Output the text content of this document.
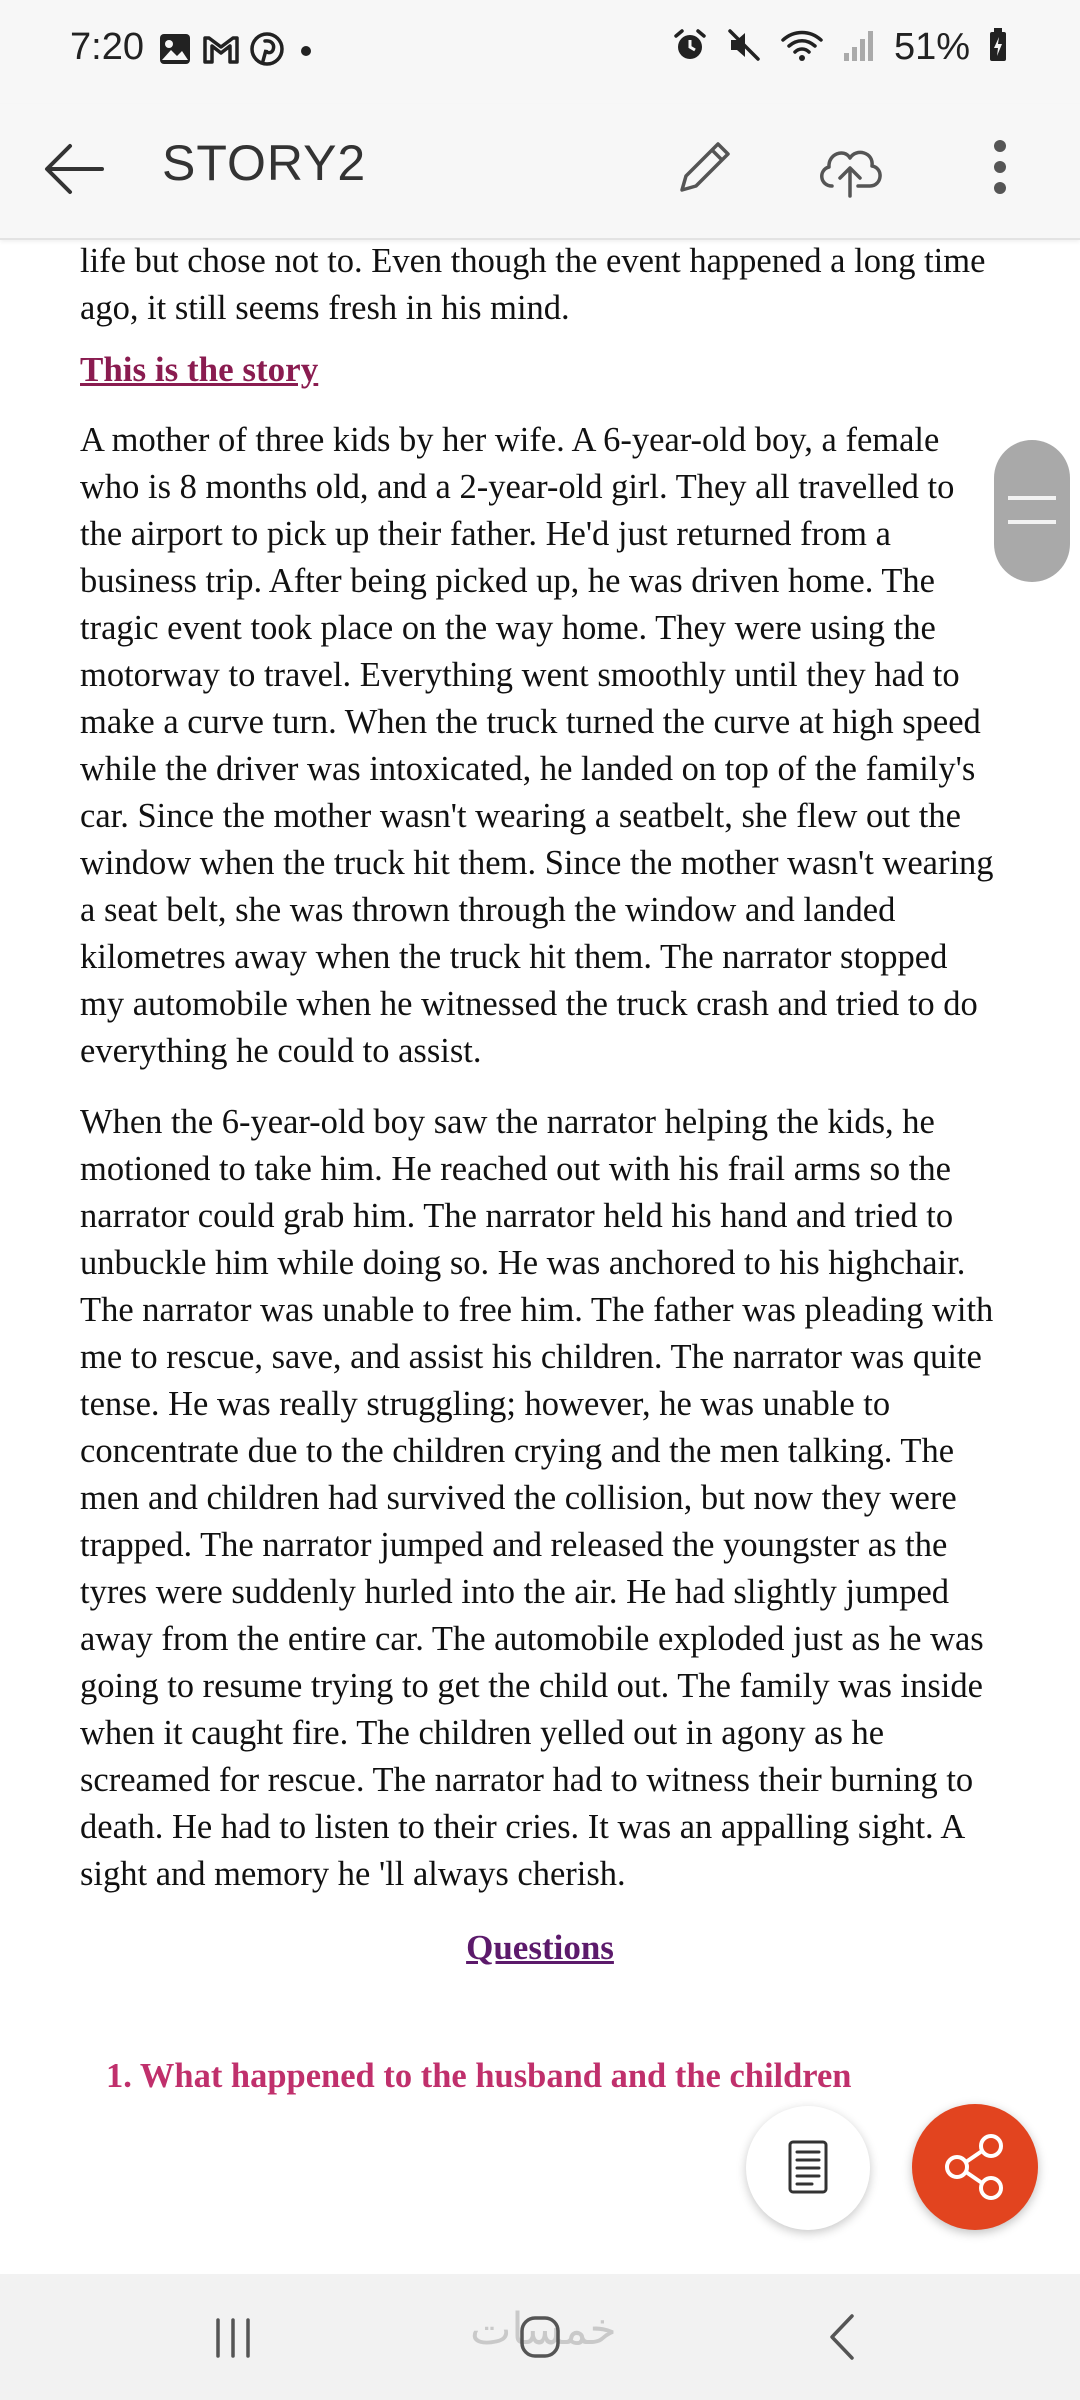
7:20	51%
STORY2

life but chose not to. Even though the event happened a long time ago, it still seems fresh in his mind.

This is the story

A mother of three kids by her wife. A 6-year-old boy, a female who is 8 months old, and a 2-year-old girl. They all travelled to the airport to pick up their father. He'd just returned from a business trip. After being picked up, he was driven home. The tragic event took place on the way home. They were using the motorway to travel. Everything went smoothly until they had to make a curve turn. When the truck turned the curve at high speed while the driver was intoxicated, he landed on top of the family's car. Since the mother wasn't wearing a seatbelt, she flew out the window when the truck hit them. Since the mother wasn't wearing a seat belt, she was thrown through the window and landed kilometres away when the truck hit them. The narrator stopped my automobile when he witnessed the truck crash and tried to do everything he could to assist.

When the 6-year-old boy saw the narrator helping the kids, he motioned to take him. He reached out with his frail arms so the narrator could grab him. The narrator held his hand and tried to unbuckle him while doing so. He was anchored to his highchair. The narrator was unable to free him. The father was pleading with me to rescue, save, and assist his children. The narrator was quite tense. He was really struggling; however, he was unable to concentrate due to the children crying and the men talking. The men and children had survived the collision, but now they were trapped. The narrator jumped and released the youngster as the tyres were suddenly hurled into the air. He had slightly jumped away from the entire car. The automobile exploded just as he was going to resume trying to get the child out. The family was inside when it caught fire. The children yelled out in agony as he screamed for rescue. The narrator had to witness their burning to death. He had to listen to their cries. It was an appalling sight. A sight and memory he 'll always cherish.

Questions

1. What happened to the husband and the children

خمسات
